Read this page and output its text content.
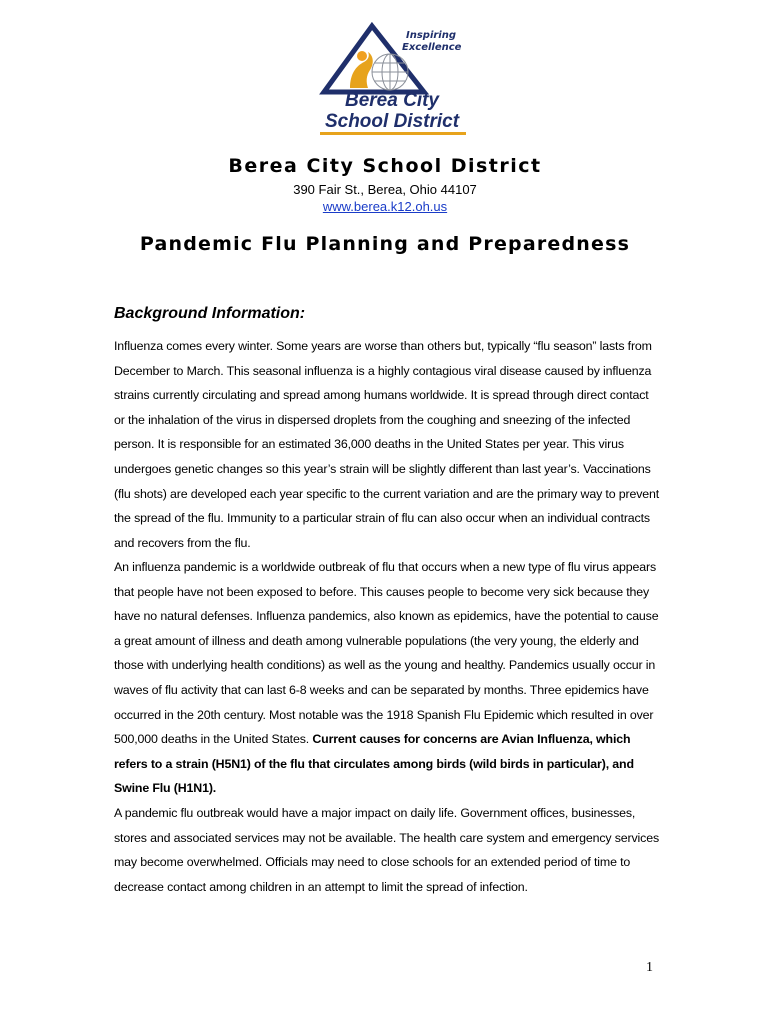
Inspiring
Excellence
Berea City
School District
Berea City School District
390 Fair St., Berea, Ohio 44107
www.berea.k12.oh.us
Pandemic Flu Planning and Preparedness
Background Information:

Influenza comes every winter. Some years are worse than others but, typically “flu season” lasts from December to March. This seasonal influenza is a highly contagious viral disease caused by influenza strains currently circulating and spread among humans worldwide. It is spread through direct contact or the inhalation of the virus in dispersed droplets from the coughing and sneezing of the infected person. It is responsible for an estimated 36,000 deaths in the United States per year. This virus undergoes genetic changes so this year’s strain will be slightly different than last year’s. Vaccinations (flu shots) are developed each year specific to the current variation and are the primary way to prevent the spread of the flu. Immunity to a particular strain of flu can also occur when an individual contracts and recovers from the flu.

An influenza pandemic is a worldwide outbreak of flu that occurs when a new type of flu virus appears that people have not been exposed to before. This causes people to become very sick because they have no natural defenses. Influenza pandemics, also known as epidemics, have the potential to cause a great amount of illness and death among vulnerable populations (the very young, the elderly and those with underlying health conditions) as well as the young and healthy. Pandemics usually occur in waves of flu activity that can last 6-8 weeks and can be separated by months. Three epidemics have occurred in the 20th century. Most notable was the 1918 Spanish Flu Epidemic which resulted in over 500,000 deaths in the United States. Current causes for concerns are Avian Influenza, which refers to a strain (H5N1) of the flu that circulates among birds (wild birds in particular), and Swine Flu (H1N1).

A pandemic flu outbreak would have a major impact on daily life. Government offices, businesses, stores and associated services may not be available. The health care system and emergency services may become overwhelmed. Officials may need to close schools for an extended period of time to decrease contact among children in an attempt to limit the spread of infection.

1
